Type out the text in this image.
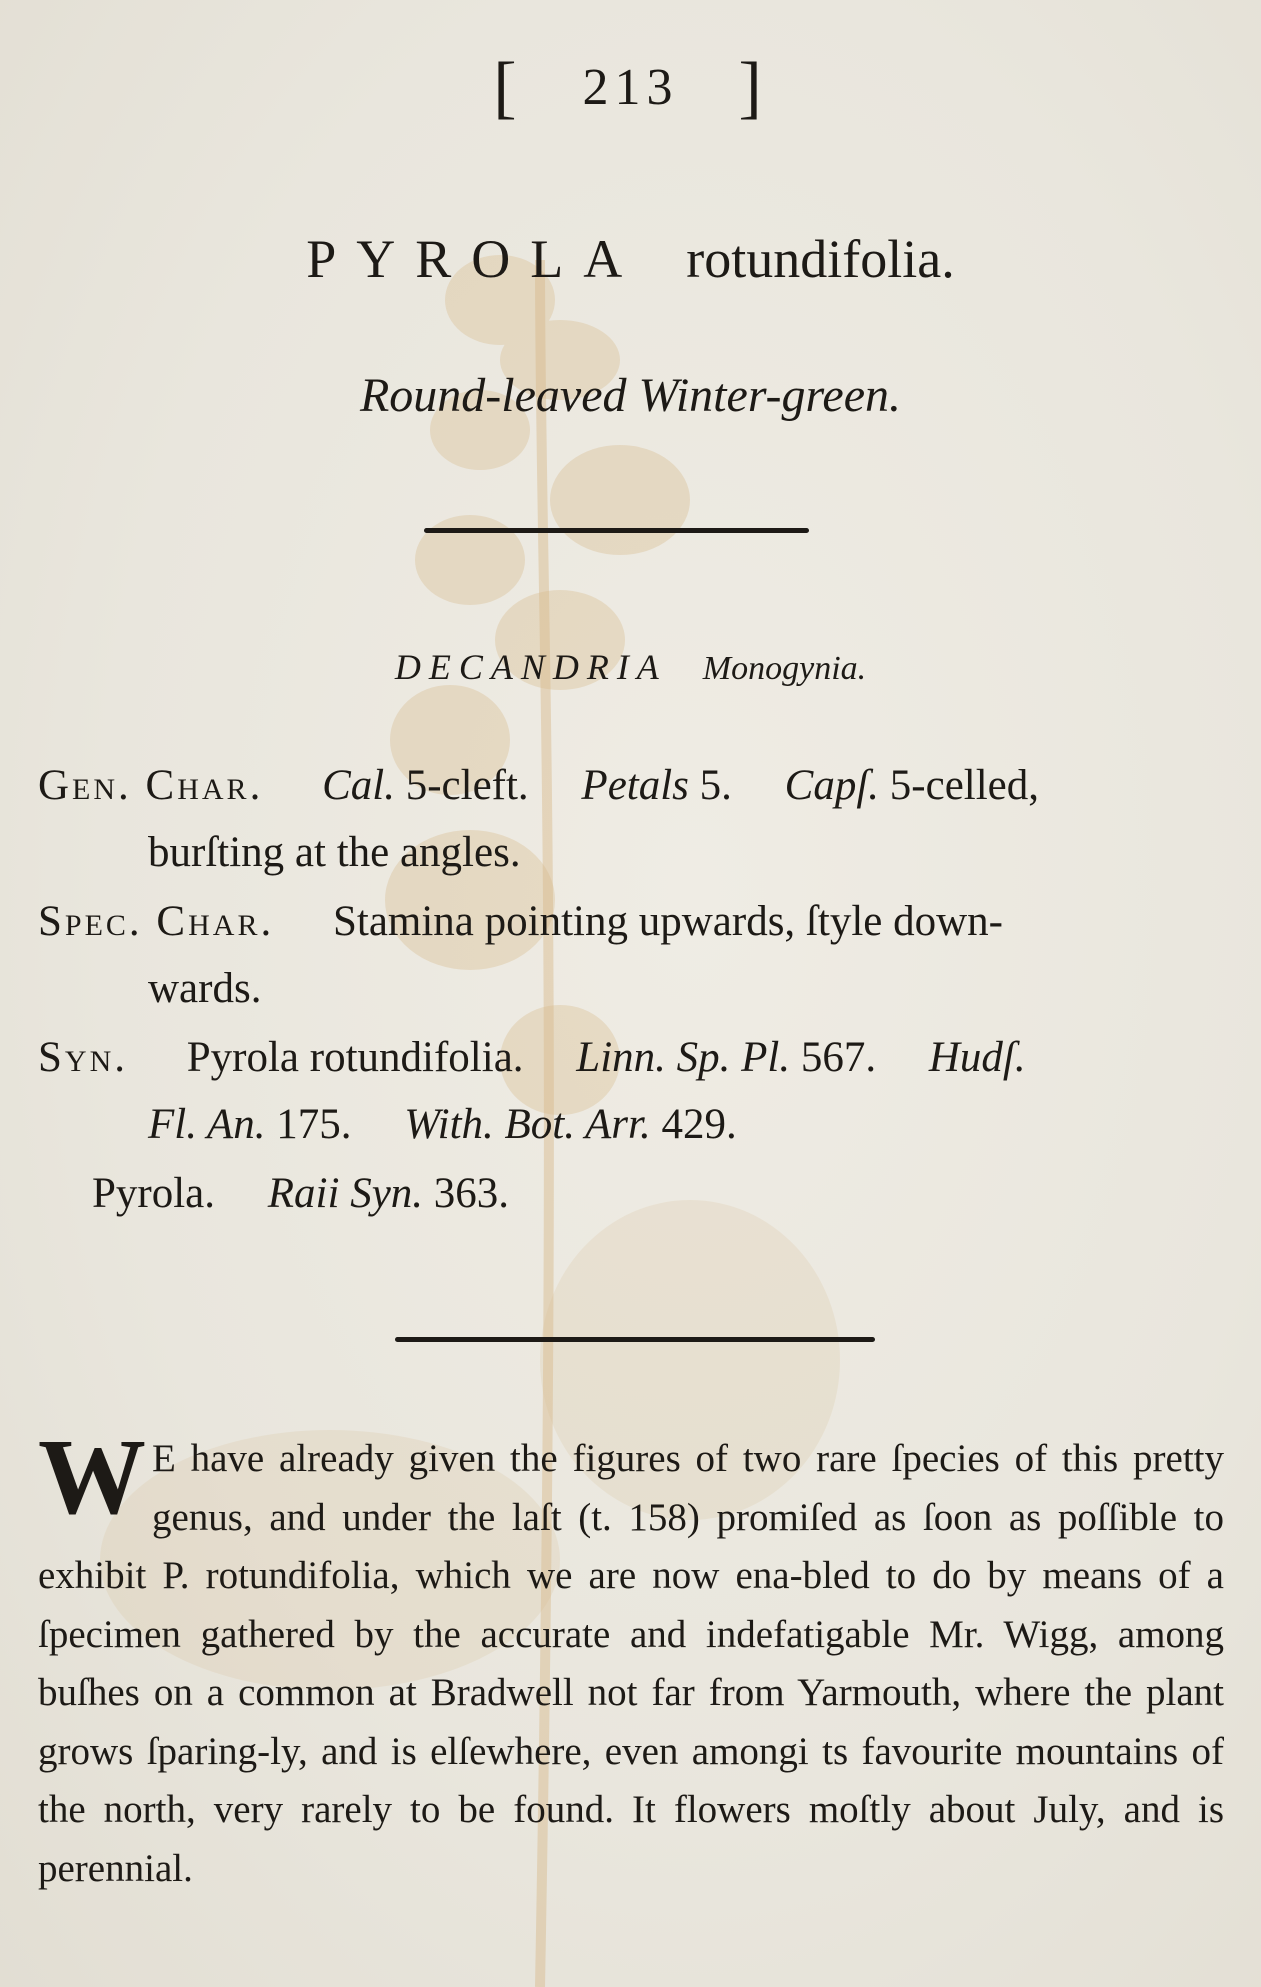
[ 213 ]
PYROLA rotundifolia.
Round-leaved Winter-green.
DECANDRIA Monogynia.
Gen. Char. Cal. 5-cleft. Petals 5. Capſ. 5-celled,
burſting at the angles.
Spec. Char. Stamina pointing upwards, ſtyle down-
wards.
Syn. Pyrola rotundifolia. Linn. Sp. Pl. 567. Hudſ.
Fl. An. 175. With. Bot. Arr. 429.
Pyrola. Raii Syn. 363.
W E have already given the figures of two rare ſpecies of this pretty genus, and under the laſt (t. 158) promiſed as ſoon as poſſible to exhibit P. rotundifolia, which we are now ena-bled to do by means of a ſpecimen gathered by the accurate and indefatigable Mr. Wigg, among buſhes on a common at Bradwell not far from Yarmouth, where the plant grows ſparing-ly, and is elſewhere, even amongi ts favourite mountains of the north, very rarely to be found. It flowers moſtly about July, and is perennial.
